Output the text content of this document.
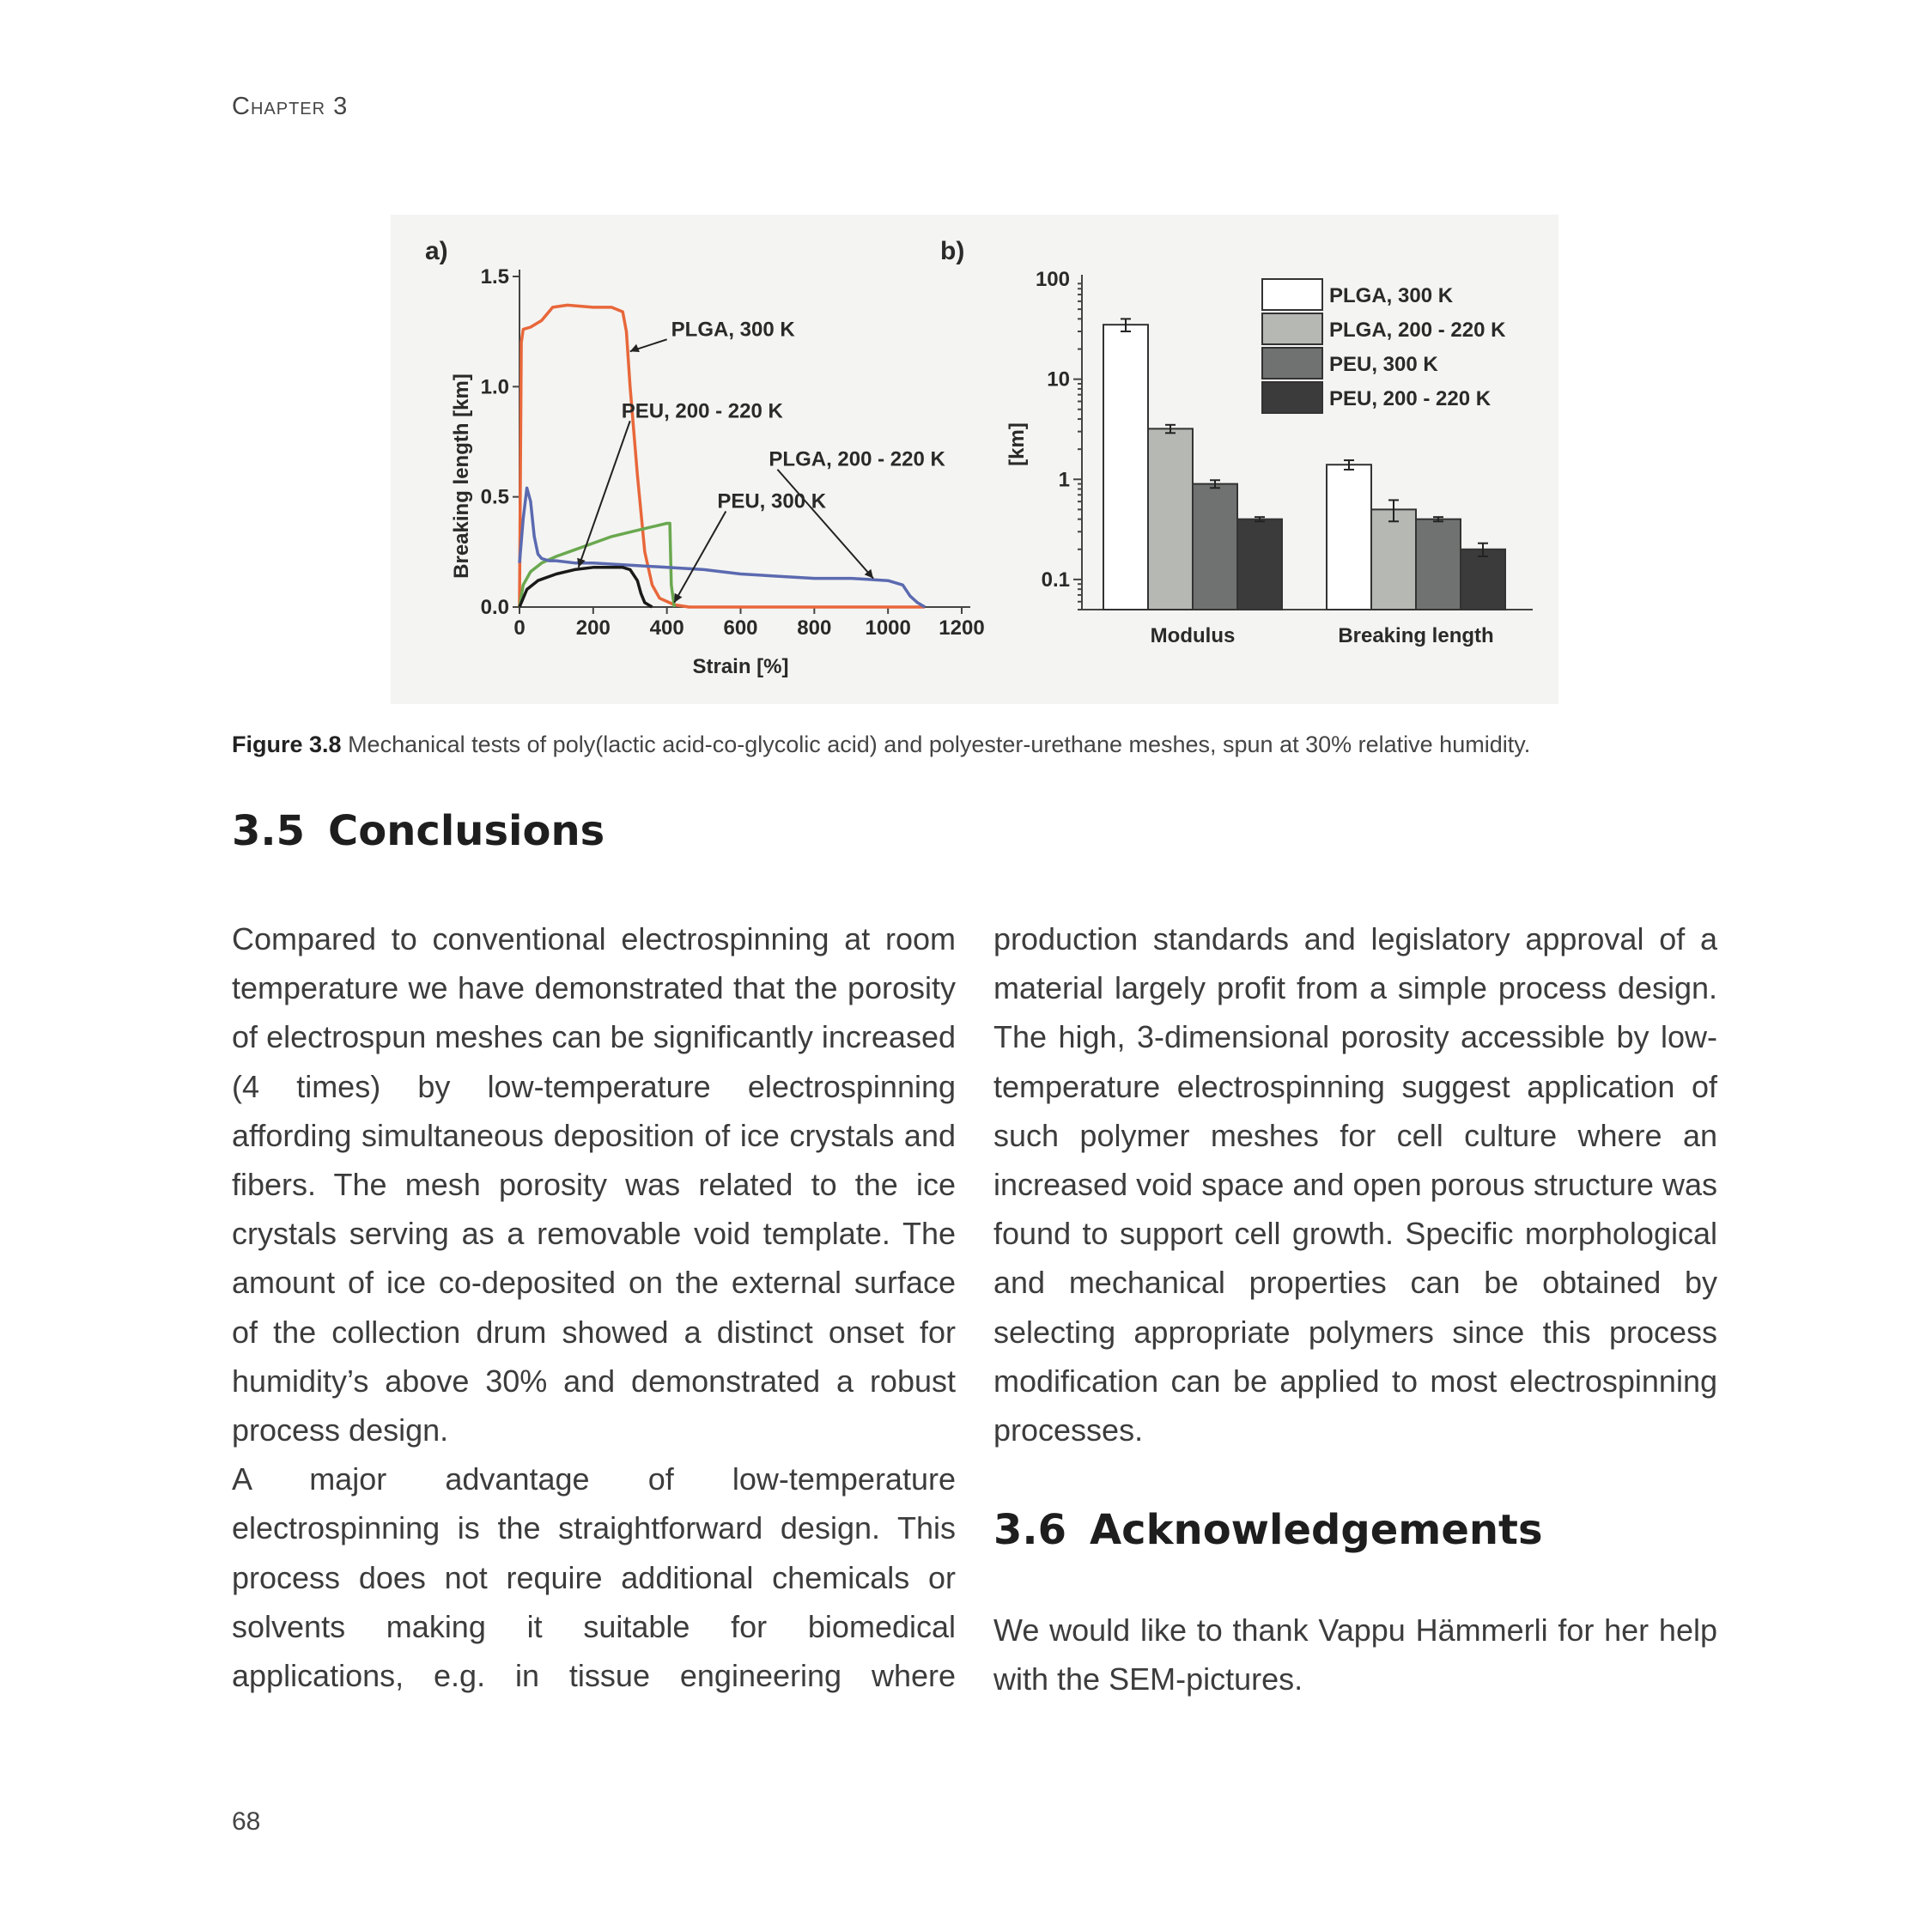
Chapter 3
a)
0.0
0.5
1.0
1.5
0 200 400 600 800 1000 1200
Strain [%]
Breaking length [km]
PLGA, 300 K
PEU, 200 - 220 K
PLGA, 200 - 220 K
PEU, 300 K
b)
0.1
1
10
100
[km]
Modulus	Breaking length
PLGA, 300 K
PLGA, 200 - 220 K
PEU, 300 K
PEU, 200 - 220 K
Figure 3.8 Mechanical tests of poly(lactic acid-co-glycolic acid) and polyester-urethane meshes, spun at 30% relative humidity.
3.5 Conclusions

Compared to conventional electrospinning at room temperature we have demonstrated that the porosity of electrospun meshes can be significantly increased (4 times) by low-temperature electrospinning affording simultaneous deposition of ice crystals and fibers. The mesh porosity was related to the ice crystals serving as a removable void template. The amount of ice co-deposited on the external surface of the collection drum showed a distinct onset for humidity’s above 30% and demonstrated a robust process design.

A major advantage of low-temperature electrospinning is the straightforward design. This process does not require additional chemicals or solvents making it suitable for biomedical applications, e.g. in tissue engineering where

production standards and legislatory approval of a material largely profit from a simple process design. The high, 3-dimensional porosity accessible by low-temperature electrospinning suggest application of such polymer meshes for cell culture where an increased void space and open porous structure was found to support cell growth. Specific morphological and mechanical properties can be obtained by selecting appropriate polymers since this process modification can be applied to most electrospinning processes.

3.6 Acknowledgements

We would like to thank Vappu Hämmerli for her help with the SEM-pictures.

68
